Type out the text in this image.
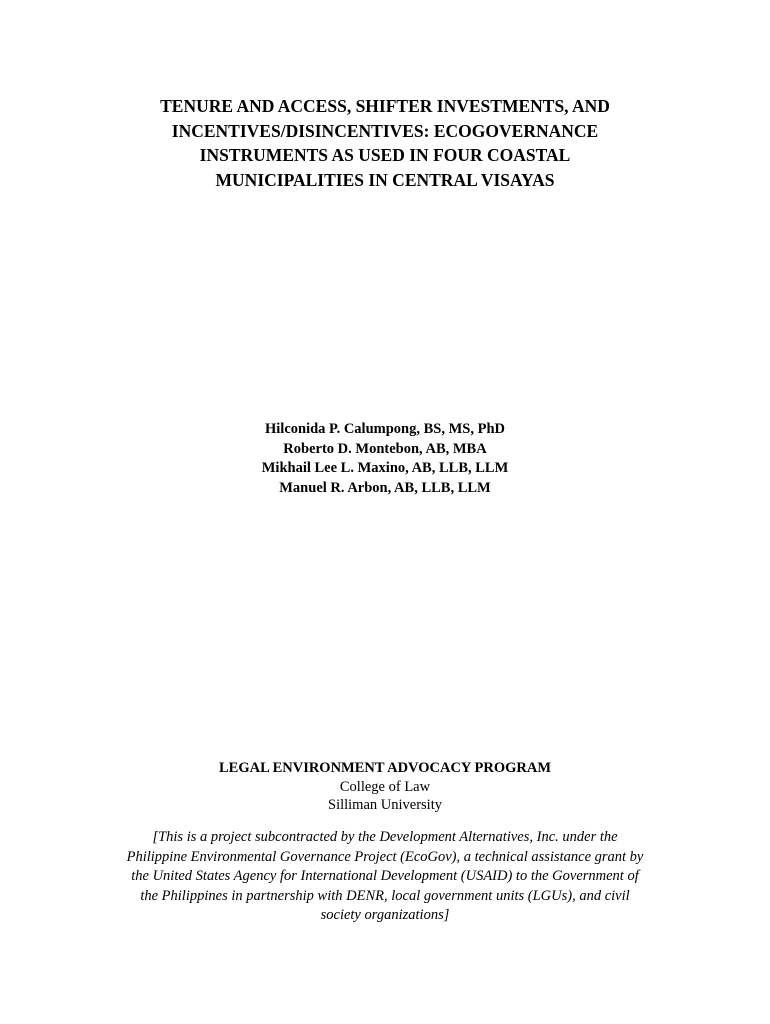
TENURE AND ACCESS, SHIFTER INVESTMENTS, AND
INCENTIVES/DISINCENTIVES: ECOGOVERNANCE
INSTRUMENTS AS USED IN FOUR COASTAL
MUNICIPALITIES IN CENTRAL VISAYAS
Hilconida P. Calumpong, BS, MS, PhD
Roberto D. Montebon, AB, MBA
Mikhail Lee L. Maxino, AB, LLB, LLM
Manuel R. Arbon, AB, LLB, LLM
LEGAL ENVIRONMENT ADVOCACY PROGRAM
College of Law
Silliman University
[This is a project subcontracted by the Development Alternatives, Inc. under the
Philippine Environmental Governance Project (EcoGov), a technical assistance grant by
the United States Agency for International Development (USAID) to the Government of
the Philippines in partnership with DENR, local government units (LGUs), and civil
society organizations]
